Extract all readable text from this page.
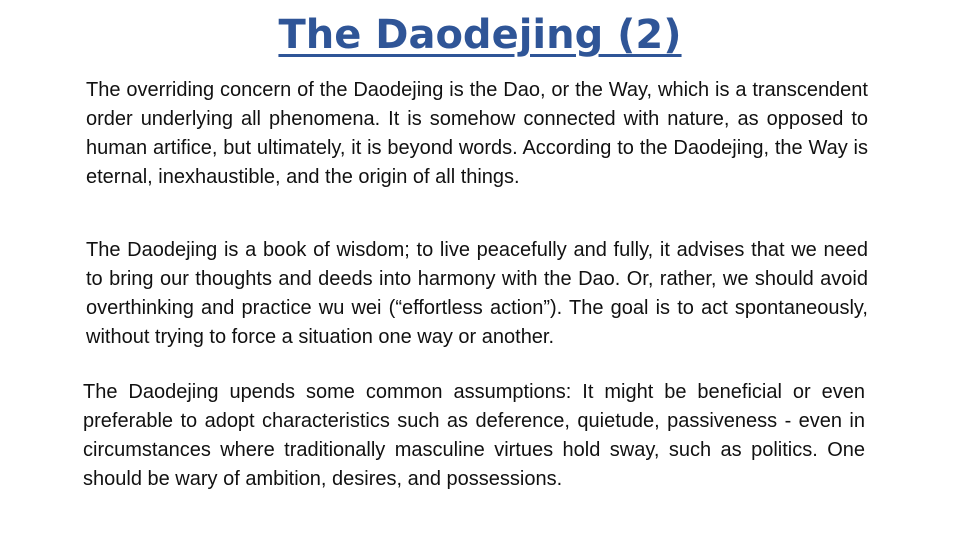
The Daodejing (2)

The overriding concern of the Daodejing is the Dao, or the Way, which is a transcendent order underlying all phenomena. It is somehow connected with nature, as opposed to human artifice, but ultimately, it is beyond words. According to the Daodejing, the Way is eternal, inexhaustible, and the origin of all things.

The Daodejing is a book of wisdom; to live peacefully and fully, it advises that we need to bring our thoughts and deeds into harmony with the Dao. Or, rather, we should avoid overthinking and practice wu wei (“effortless action”). The goal is to act spontaneously, without trying to force a situation one way or another.

The Daodejing upends some common assumptions: It might be beneficial or even preferable to adopt characteristics such as deference, quietude, passiveness - even in circumstances where traditionally masculine virtues hold sway, such as politics. One should be wary of ambition, desires, and possessions.
